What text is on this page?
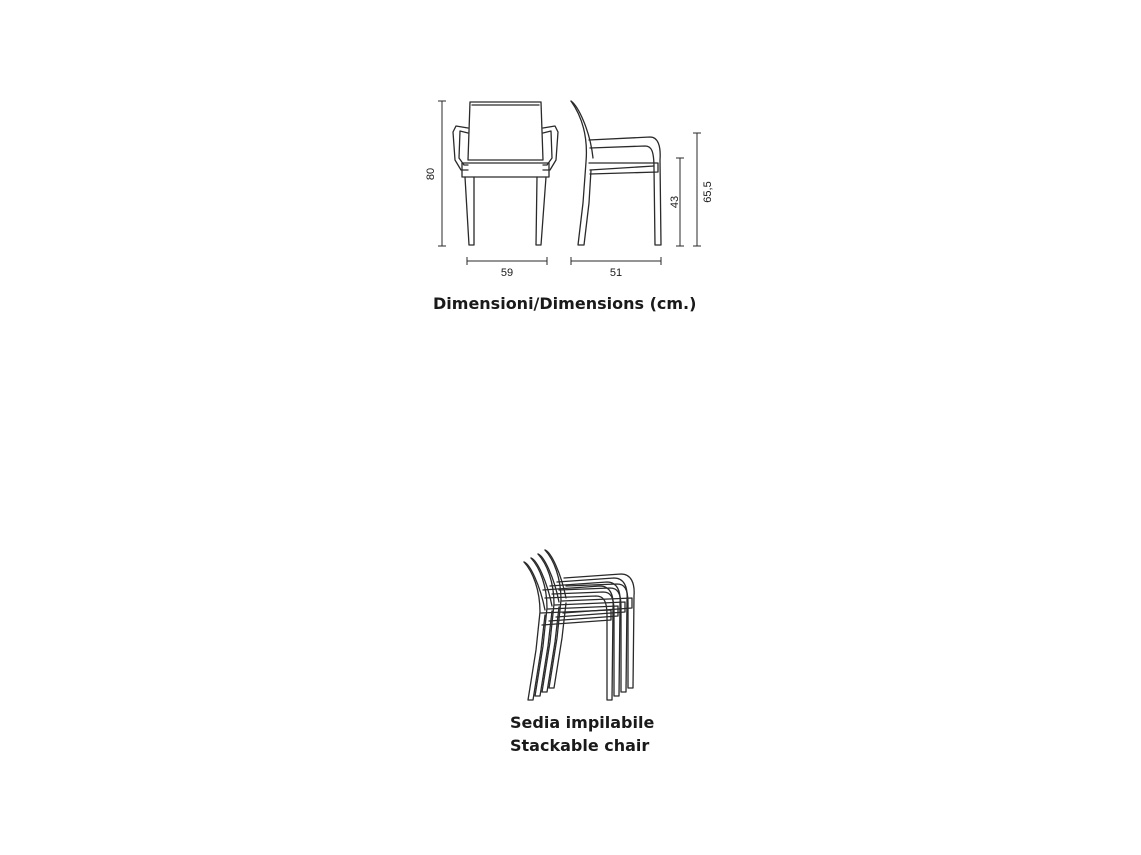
80
59	51
43 65,5
Dimensioni/Dimensions (cm.)
Sedia impilabile
Stackable chair
